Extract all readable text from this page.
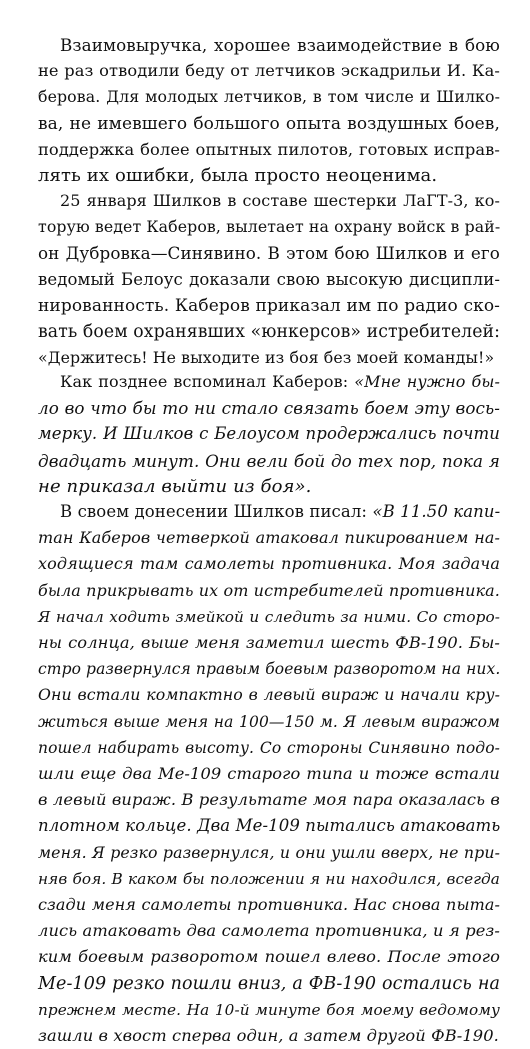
Взаимовыручка, хорошее взаимодействие в бою
не раз отводили беду от летчиков эскадрильи И. Ка-
берова. Для молодых летчиков, в том числе и Шилко-
ва, не имевшего большого опыта воздушных боев,
поддержка более опытных пилотов, готовых исправ-
лять их ошибки, была просто неоценима.
25 января Шилков в составе шестерки ЛаГТ-3, ко-
торую ведет Каберов, вылетает на охрану войск в рай-
он Дубровка—Синявино. В этом бою Шилков и его
ведомый Белоус доказали свою высокую дисципли-
нированность. Каберов приказал им по радио ско-
вать боем охранявших «юнкерсов» истребителей:
«Держитесь! Не выходите из боя без моей команды!»
Как позднее вспоминал Каберов: «Мне нужно бы-
ло во что бы то ни стало связать боем эту вось-
мерку. И Шилков с Белоусом продержались почти
двадцать минут. Они вели бой до тех пор, пока я
не приказал выйти из боя».
В своем донесении Шилков писал: «В 11.50 капи-
тан Каберов четверкой атаковал пикированием на-
ходящиеся там самолеты противника. Моя задача
была прикрывать их от истребителей противника.
Я начал ходить змейкой и следить за ними. Со сторо-
ны солнца, выше меня заметил шесть ФВ-190. Бы-
стро развернулся правым боевым разворотом на них.
Они встали компактно в левый вираж и начали кру-
житься выше меня на 100—150 м. Я левым виражом
пошел набирать высоту. Со стороны Синявино подо-
шли еще два Ме-109 старого типа и тоже встали
в левый вираж. В результате моя пара оказалась в
плотном кольце. Два Ме-109 пытались атаковать
меня. Я резко развернулся, и они ушли вверх, не при-
няв боя. В каком бы положении я ни находился, всегда
сзади меня самолеты противника. Нас снова пыта-
лись атаковать два самолета противника, и я рез-
ким боевым разворотом пошел влево. После этого
Ме-109 резко пошли вниз, а ФВ-190 остались на
прежнем месте. На 10-й минуте боя моему ведомому
зашли в хвост сперва один, а затем другой ФВ-190.
